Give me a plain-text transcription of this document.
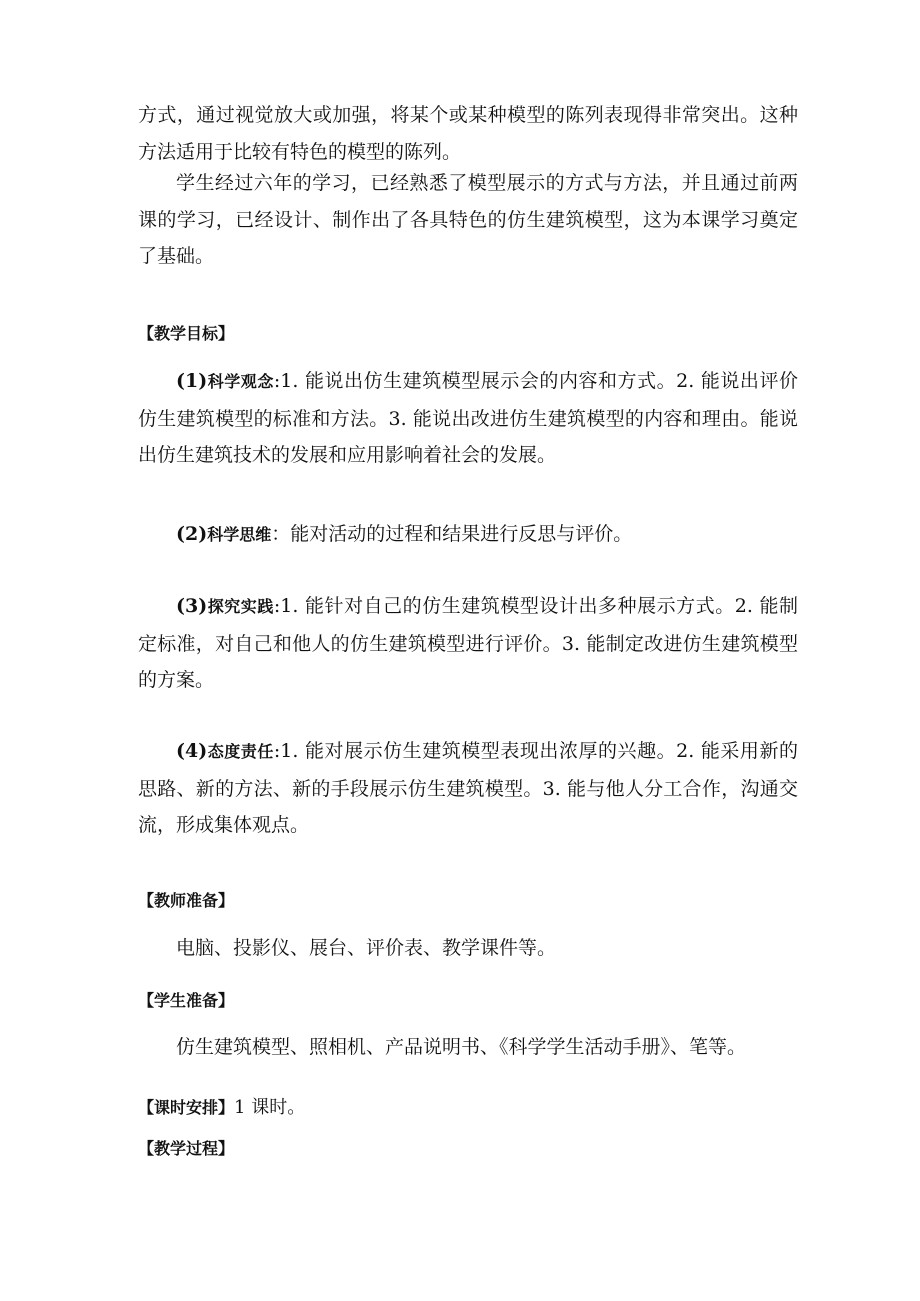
方式，通过视觉放大或加强，将某个或某种模型的陈列表现得非常突出。这种方法适用于比较有特色的模型的陈列。

学生经过六年的学习，已经熟悉了模型展示的方式与方法，并且通过前两课的学习，已经设计、制作出了各具特色的仿生建筑模型，这为本课学习奠定了基础。

【教学目标】

(1)科学观念:1. 能说出仿生建筑模型展示会的内容和方式。2. 能说出评价仿生建筑模型的标准和方法。3. 能说出改进仿生建筑模型的内容和理由。能说出仿生建筑技术的发展和应用影响着社会的发展。

(2)科学思维：能对活动的过程和结果进行反思与评价。

(3)探究实践:1. 能针对自己的仿生建筑模型设计出多种展示方式。2. 能制定标准，对自己和他人的仿生建筑模型进行评价。3. 能制定改进仿生建筑模型的方案。

(4)态度责任:1. 能对展示仿生建筑模型表现出浓厚的兴趣。2. 能采用新的思路、新的方法、新的手段展示仿生建筑模型。3. 能与他人分工合作，沟通交流，形成集体观点。

【教师准备】

电脑、投影仪、展台、评价表、教学课件等。

【学生准备】

仿生建筑模型、照相机、产品说明书、《科学学生活动手册》、笔等。

【课时安排】1 课时。

【教学过程】
